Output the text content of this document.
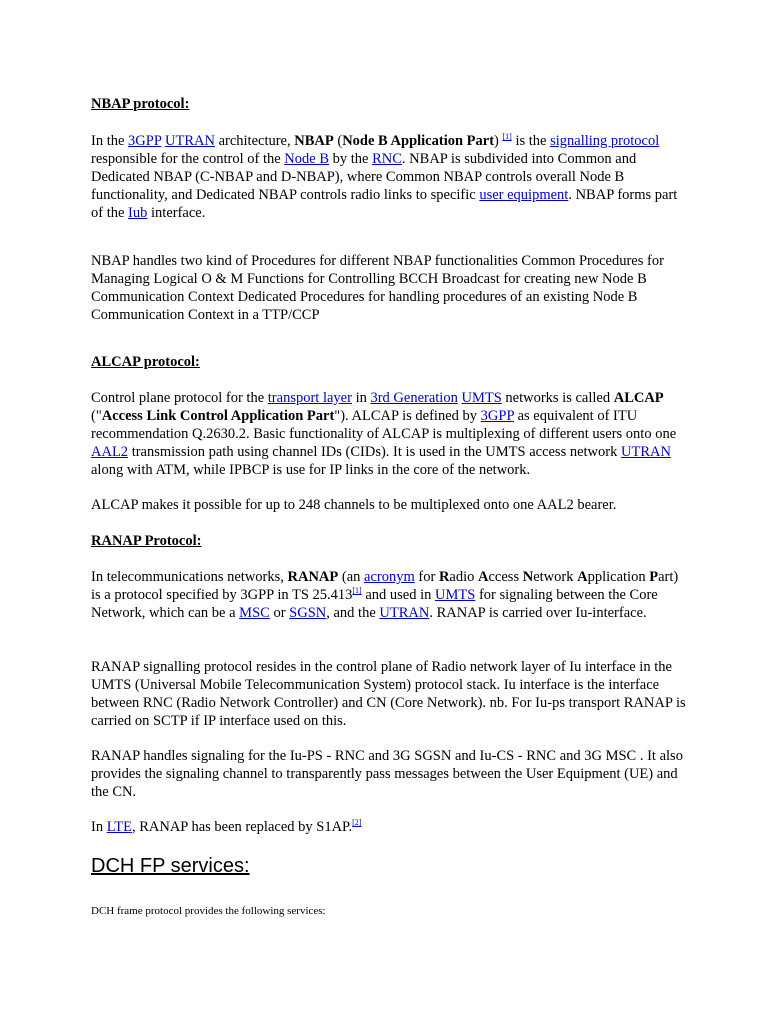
NBAP protocol:

In the 3GPP UTRAN architecture, NBAP (Node B Application Part) [1] is the signalling protocol responsible for the control of the Node B by the RNC. NBAP is subdivided into Common and Dedicated NBAP (C-NBAP and D-NBAP), where Common NBAP controls overall Node B functionality, and Dedicated NBAP controls radio links to specific user equipment. NBAP forms part of the Iub interface.

NBAP handles two kind of Procedures for different NBAP functionalities Common Procedures for Managing Logical O & M Functions for Controlling BCCH Broadcast for creating new Node B Communication Context Dedicated Procedures for handling procedures of an existing Node B Communication Context in a TTP/CCP

ALCAP protocol:

Control plane protocol for the transport layer in 3rd Generation UMTS networks is called ALCAP ("Access Link Control Application Part"). ALCAP is defined by 3GPP as equivalent of ITU recommendation Q.2630.2. Basic functionality of ALCAP is multiplexing of different users onto one AAL2 transmission path using channel IDs (CIDs). It is used in the UMTS access network UTRAN along with ATM, while IPBCP is use for IP links in the core of the network.

ALCAP makes it possible for up to 248 channels to be multiplexed onto one AAL2 bearer.

RANAP Protocol:

In telecommunications networks, RANAP (an acronym for Radio Access Network Application Part) is a protocol specified by 3GPP in TS 25.413[1] and used in UMTS for signaling between the Core Network, which can be a MSC or SGSN, and the UTRAN. RANAP is carried over Iu-interface.

RANAP signalling protocol resides in the control plane of Radio network layer of Iu interface in the UMTS (Universal Mobile Telecommunication System) protocol stack. Iu interface is the interface between RNC (Radio Network Controller) and CN (Core Network). nb. For Iu-ps transport RANAP is carried on SCTP if IP interface used on this.

RANAP handles signaling for the Iu-PS - RNC and 3G SGSN and Iu-CS - RNC and 3G MSC . It also provides the signaling channel to transparently pass messages between the User Equipment (UE) and the CN.

In LTE, RANAP has been replaced by S1AP.[2]

DCH FP services:

DCH frame protocol provides the following services:
